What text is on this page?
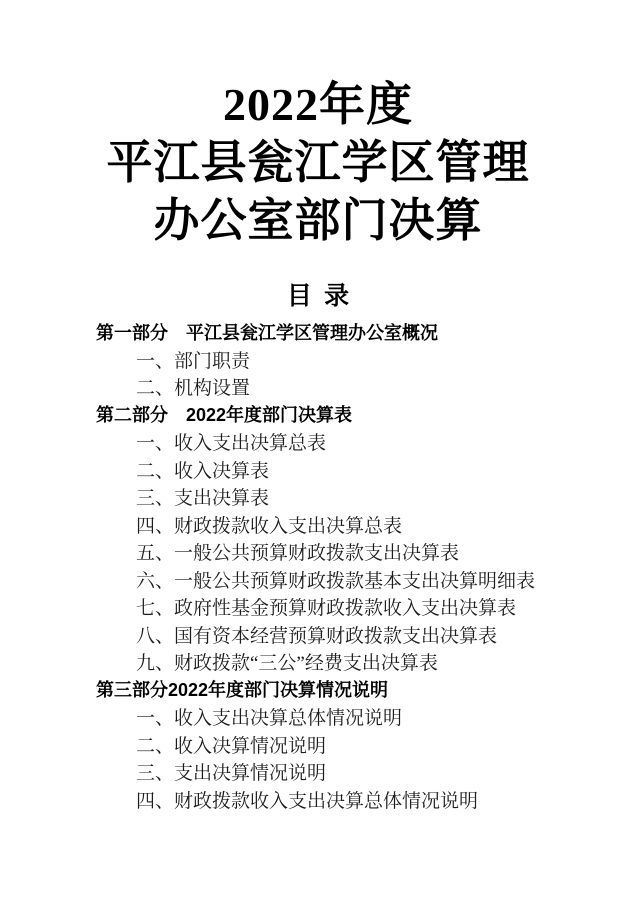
2022年度
平江县瓮江学区管理
办公室部门决算
目 录
第一部分　平江县瓮江学区管理办公室概况
一、部门职责
二、机构设置
第二部分　2022年度部门决算表
一、收入支出决算总表
二、收入决算表
三、支出决算表
四、财政拨款收入支出决算总表
五、一般公共预算财政拨款支出决算表
六、一般公共预算财政拨款基本支出决算明细表
七、政府性基金预算财政拨款收入支出决算表
八、国有资本经营预算财政拨款支出决算表
九、财政拨款“三公”经费支出决算表
第三部分2022年度部门决算情况说明
一、收入支出决算总体情况说明
二、收入决算情况说明
三、支出决算情况说明
四、财政拨款收入支出决算总体情况说明
